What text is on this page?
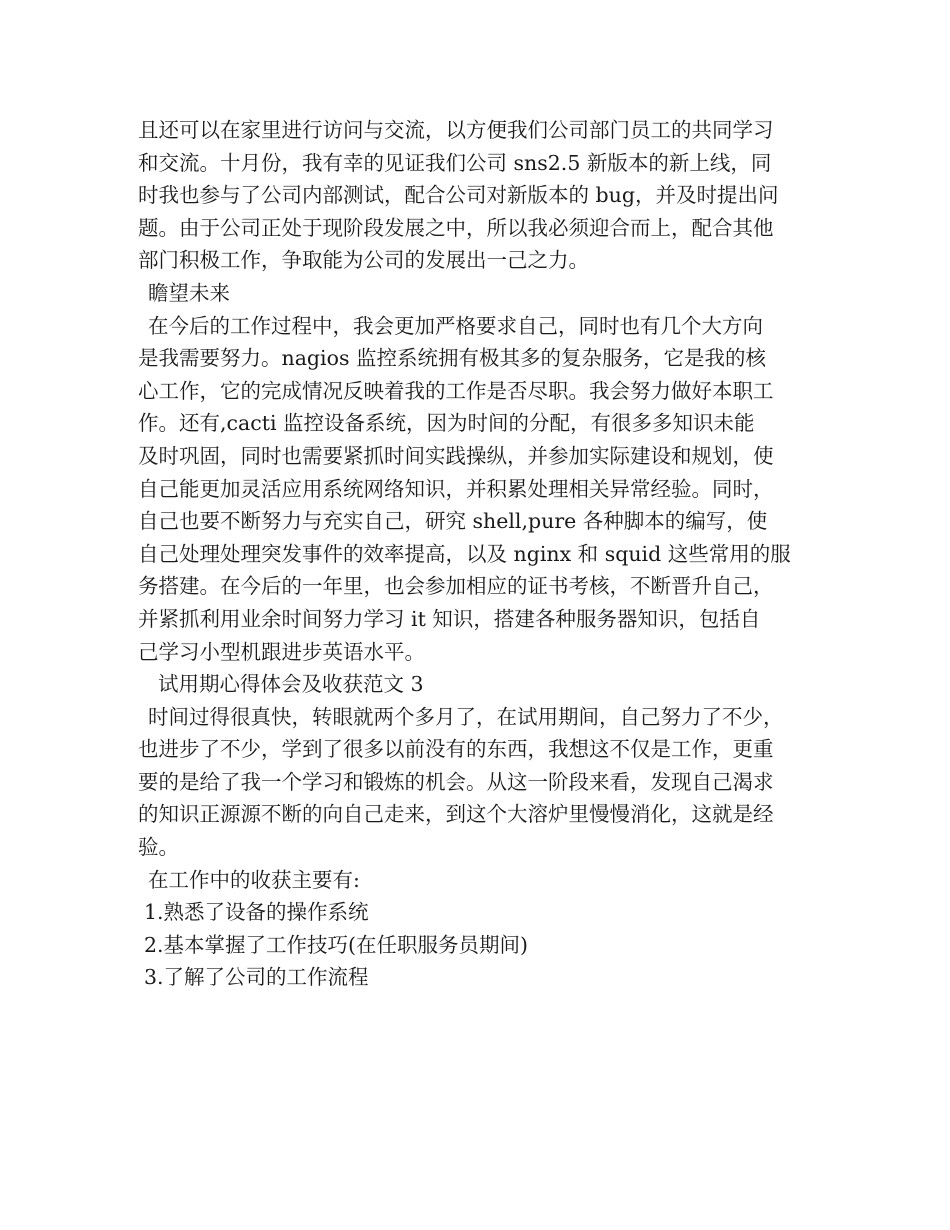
且还可以在家里进行访问与交流，以方便我们公司部门员工的共同学习
和交流。十月份，我有幸的见证我们公司 sns2.5 新版本的新上线，同
时我也参与了公司内部测试，配合公司对新版本的 bug，并及时提出问
题。由于公司正处于现阶段发展之中，所以我必须迎合而上，配合其他
部门积极工作，争取能为公司的发展出一己之力。
瞻望未来
在今后的工作过程中，我会更加严格要求自己，同时也有几个大方向
是我需要努力。nagios 监控系统拥有极其多的复杂服务，它是我的核
心工作，它的完成情况反映着我的工作是否尽职。我会努力做好本职工
作。还有,cacti 监控设备系统，因为时间的分配，有很多多知识未能
及时巩固，同时也需要紧抓时间实践操纵，并参加实际建设和规划，使
自己能更加灵活应用系统网络知识，并积累处理相关异常经验。同时，
自己也要不断努力与充实自己，研究 shell,pure 各种脚本的编写，使
自己处理处理突发事件的效率提高，以及 nginx 和 squid 这些常用的服
务搭建。在今后的一年里，也会参加相应的证书考核，不断晋升自己，
并紧抓利用业余时间努力学习 it 知识，搭建各种服务器知识，包括自
己学习小型机跟进步英语水平。
试用期心得体会及收获范文 3
时间过得很真快，转眼就两个多月了，在试用期间，自己努力了不少，
也进步了不少，学到了很多以前没有的东西，我想这不仅是工作，更重
要的是给了我一个学习和锻炼的机会。从这一阶段来看，发现自己渴求
的知识正源源不断的向自己走来，到这个大溶炉里慢慢消化，这就是经
验。
在工作中的收获主要有:
1.熟悉了设备的操作系统
2.基本掌握了工作技巧(在任职服务员期间)
3.了解了公司的工作流程
